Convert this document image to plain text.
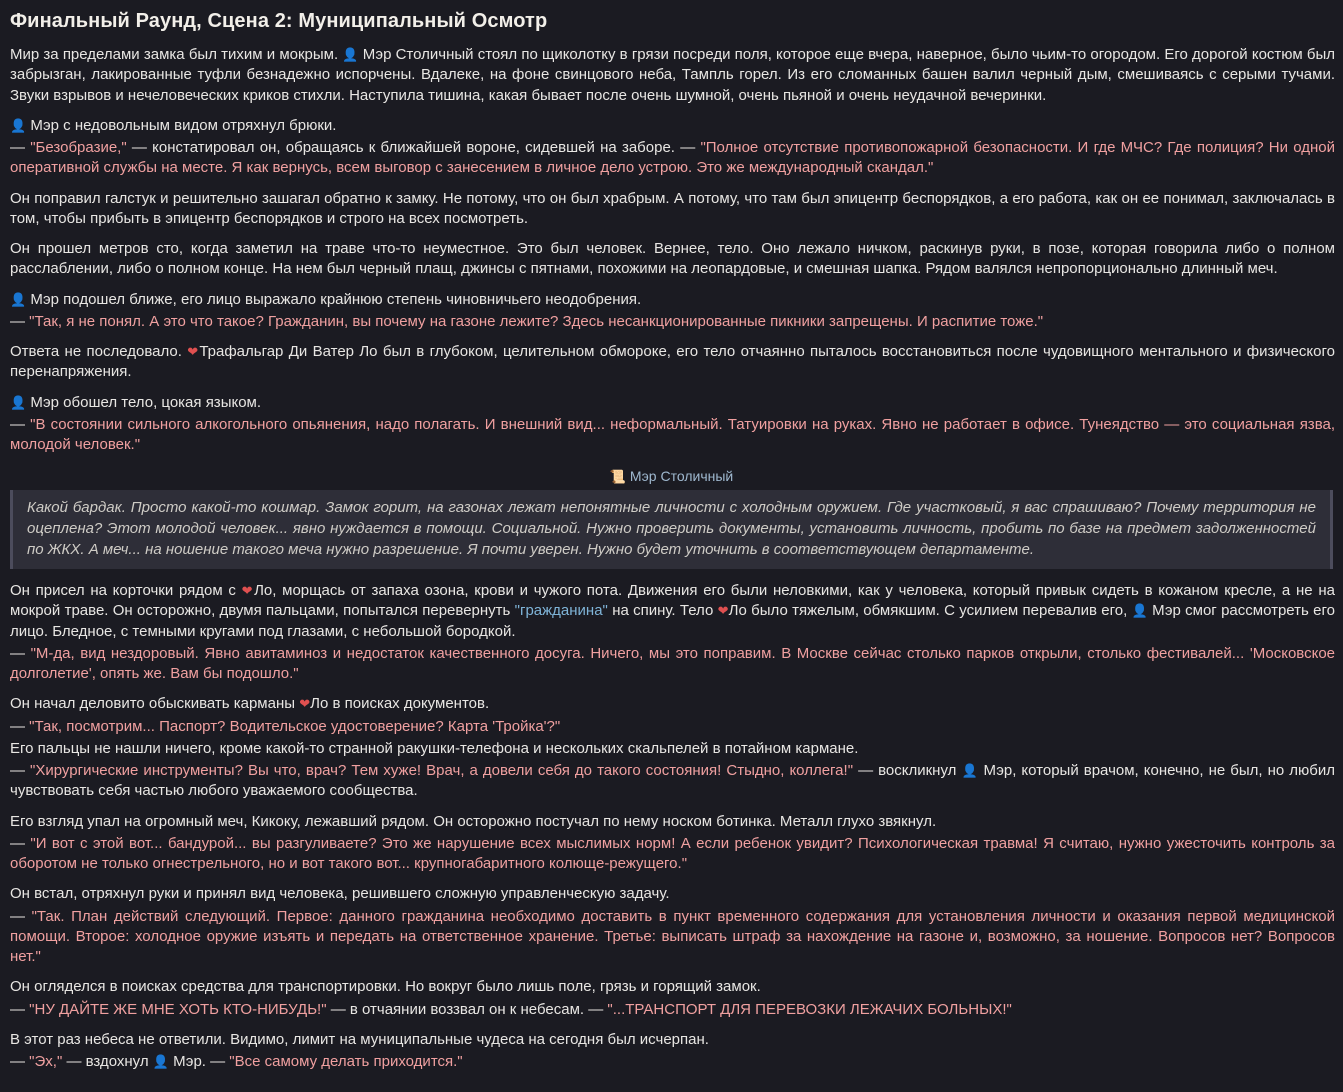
Финальный Раунд, Сцена 2: Муниципальный Осмотр

Мир за пределами замка был тихим и мокрым. 👤 Мэр Столичный стоял по щиколотку в грязи посреди поля, которое еще вчера, наверное, было чьим-то огородом. Его дорогой костюм был забрызган, лакированные туфли безнадежно испорчены. Вдалеке, на фоне свинцового неба, Тампль горел. Из его сломанных башен валил черный дым, смешиваясь с серыми тучами. Звуки взрывов и нечеловеческих криков стихли. Наступила тишина, какая бывает после очень шумной, очень пьяной и очень неудачной вечеринки.

👤 Мэр с недовольным видом отряхнул брюки.

— "Безобразие," — констатировал он, обращаясь к ближайшей вороне, сидевшей на заборе. — "Полное отсутствие противопожарной безопасности. И где МЧС? Где полиция? Ни одной оперативной службы на месте. Я как вернусь, всем выговор с занесением в личное дело устрою. Это же международный скандал."

Он поправил галстук и решительно зашагал обратно к замку. Не потому, что он был храбрым. А потому, что там был эпицентр беспорядков, а его работа, как он ее понимал, заключалась в том, чтобы прибыть в эпицентр беспорядков и строго на всех посмотреть.

Он прошел метров сто, когда заметил на траве что-то неуместное. Это был человек. Вернее, тело. Оно лежало ничком, раскинув руки, в позе, которая говорила либо о полном расслаблении, либо о полном конце. На нем был черный плащ, джинсы с пятнами, похожими на леопардовые, и смешная шапка. Рядом валялся непропорционально длинный меч.

👤 Мэр подошел ближе, его лицо выражало крайнюю степень чиновничьего неодобрения.

— "Так, я не понял. А это что такое? Гражданин, вы почему на газоне лежите? Здесь несанкционированные пикники запрещены. И распитие тоже."

Ответа не последовало. ❤Трафальгар Ди Ватер Ло был в глубоком, целительном обмороке, его тело отчаянно пыталось восстановиться после чудовищного ментального и физического перенапряжения.

👤 Мэр обошел тело, цокая языком.

— "В состоянии сильного алкогольного опьянения, надо полагать. И внешний вид... неформальный. Татуировки на руках. Явно не работает в офисе. Тунеядство — это социальная язва, молодой человек."

📜 Мэр Столичный
Какой бардак. Просто какой-то кошмар. Замок горит, на газонах лежат непонятные личности с холодным оружием. Где участковый, я вас спрашиваю? Почему территория не оцеплена? Этот молодой человек... явно нуждается в помощи. Социальной. Нужно проверить документы, установить личность, пробить по базе на предмет задолженностей по ЖКХ. А меч... на ношение такого меча нужно разрешение. Я почти уверен. Нужно будет уточнить в соответствующем департаменте.

Он присел на корточки рядом с ❤Ло, морщась от запаха озона, крови и чужого пота. Движения его были неловкими, как у человека, который привык сидеть в кожаном кресле, а не на мокрой траве. Он осторожно, двумя пальцами, попытался перевернуть "гражданина" на спину. Тело ❤Ло было тяжелым, обмякшим. С усилием перевалив его, 👤 Мэр смог рассмотреть его лицо. Бледное, с темными кругами под глазами, с небольшой бородкой.

— "М-да, вид нездоровый. Явно авитаминоз и недостаток качественного досуга. Ничего, мы это поправим. В Москве сейчас столько парков открыли, столько фестивалей... 'Московское долголетие', опять же. Вам бы подошло."

Он начал деловито обыскивать карманы ❤Ло в поисках документов.

— "Так, посмотрим... Паспорт? Водительское удостоверение? Карта 'Тройка'?"

Его пальцы не нашли ничего, кроме какой-то странной ракушки-телефона и нескольких скальпелей в потайном кармане.

— "Хирургические инструменты? Вы что, врач? Тем хуже! Врач, а довели себя до такого состояния! Стыдно, коллега!" — воскликнул 👤 Мэр, который врачом, конечно, не был, но любил чувствовать себя частью любого уважаемого сообщества.

Его взгляд упал на огромный меч, Кикоку, лежавший рядом. Он осторожно постучал по нему носком ботинка. Металл глухо звякнул.

— "И вот с этой вот... бандурой... вы разгуливаете? Это же нарушение всех мыслимых норм! А если ребенок увидит? Психологическая травма! Я считаю, нужно ужесточить контроль за оборотом не только огнестрельного, но и вот такого вот... крупногабаритного колюще-режущего."

Он встал, отряхнул руки и принял вид человека, решившего сложную управленческую задачу.

— "Так. План действий следующий. Первое: данного гражданина необходимо доставить в пункт временного содержания для установления личности и оказания первой медицинской помощи. Второе: холодное оружие изъять и передать на ответственное хранение. Третье: выписать штраф за нахождение на газоне и, возможно, за ношение. Вопросов нет? Вопросов нет."

Он огляделся в поисках средства для транспортировки. Но вокруг было лишь поле, грязь и горящий замок.

— "НУ ДАЙТЕ ЖЕ МНЕ ХОТЬ КТО-НИБУДЬ!" — в отчаянии воззвал он к небесам. — "...ТРАНСПОРТ ДЛЯ ПЕРЕВОЗКИ ЛЕЖАЧИХ БОЛЬНЫХ!"

В этот раз небеса не ответили. Видимо, лимит на муниципальные чудеса на сегодня был исчерпан.

— "Эх," — вздохнул 👤 Мэр. — "Все самому делать приходится."
